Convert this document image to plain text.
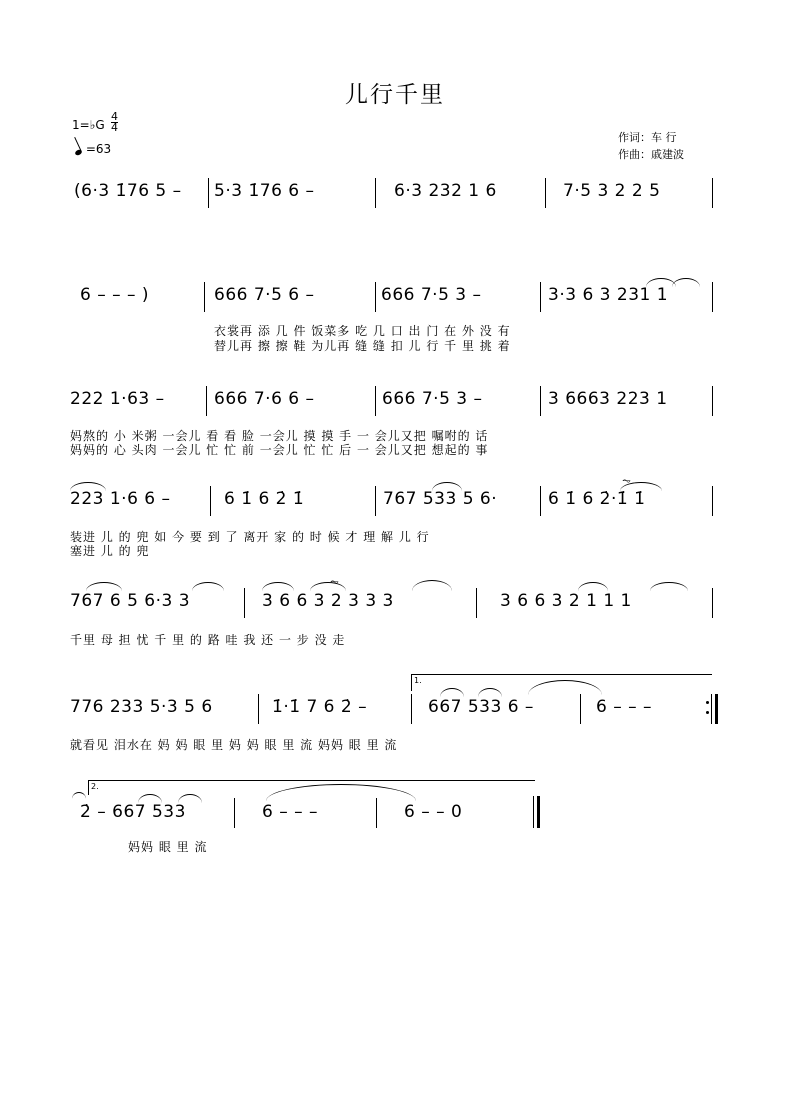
儿行千里
1=♭G
4
4
=63
作词：车 行
作曲：戚建波
(6·3 1̇76 5 – 5·3 1̇76 6 –	6·3 232 1 6	7·5 3 2 2 5
6 – – – )	666 7·5 6 –	666 7·5 3 –	3·3 6 3 231 1
衣裳再 添 几 件 饭菜多 吃 几 口 出 门 在 外 没 有
替儿再 擦 擦 鞋 为儿再 缝 缝 扣 儿 行 千 里 挑 着
222 1·63 –	666 7·6 6 –	666 7·5 3 –	3 6663 223 1
妈熬的 小 米粥 一会儿 看 看 脸 一会儿 摸 摸 手 一 会儿又把 嘱咐的 话
妈妈的 心 头肉 一会儿 忙 忙 前 一会儿 忙 忙 后 一 会儿又把 想起的 事
223 1·6 6 –	6 1̇ 6 2̇ 1̇	767 533 5 6·	6 1̇ 6 2̇·1̇ 1̇
⏦
装进 儿 的 兜 如 今 要 到 了 离开 家 的 时 候 才 理 解 儿 行
塞进 儿 的 兜
767 6 5 6·3 3
⏦
3 6 6 3 2 3 3 3	3 6 6 3 2 1 1 1
千里 母 担 忧 千 里 的 路 哇 我 还 一 步 没 走
1.
776 233 5·3 5 6	1̇·1̇ 7 6 2̇ –	667 533 6 –	6 – – –
就看见 泪水在 妈 妈 眼 里 妈 妈 眼 里 流 妈妈 眼 里 流
2.
2̇ – 667 533	6 – – –	6 – – 0
妈妈 眼 里 流
